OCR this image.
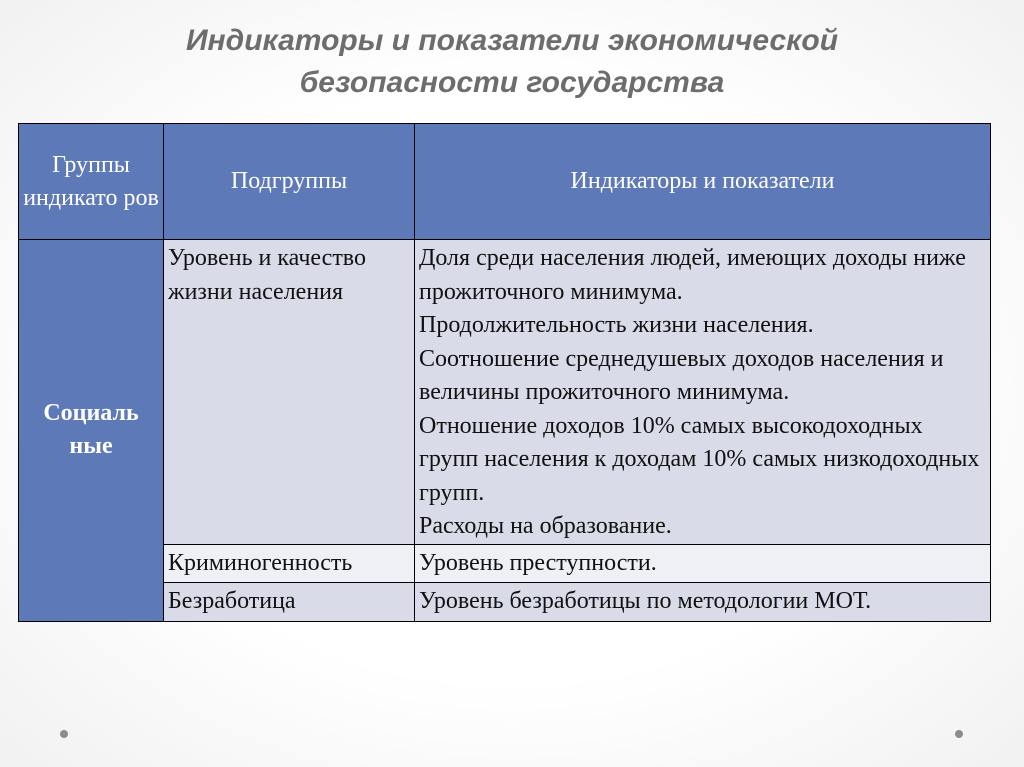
Индикаторы и показатели экономической
безопасности государства
Группы индикато ров	Подгруппы	Индикаторы и показатели
Социаль ные	Уровень и качество жизни населения	Доля среди населения людей, имеющих доходы ниже прожиточного минимума.
Продолжительность жизни населения.
Соотношение среднедушевых доходов населения и величины прожиточного минимума.
Отношение доходов 10% самых высокодоходных групп населения к доходам 10% самых низкодоходных групп.
Расходы на образование.

	Криминогенность	Уровень преступности.

	Безработица	Уровень безработицы по методологии МОТ.
